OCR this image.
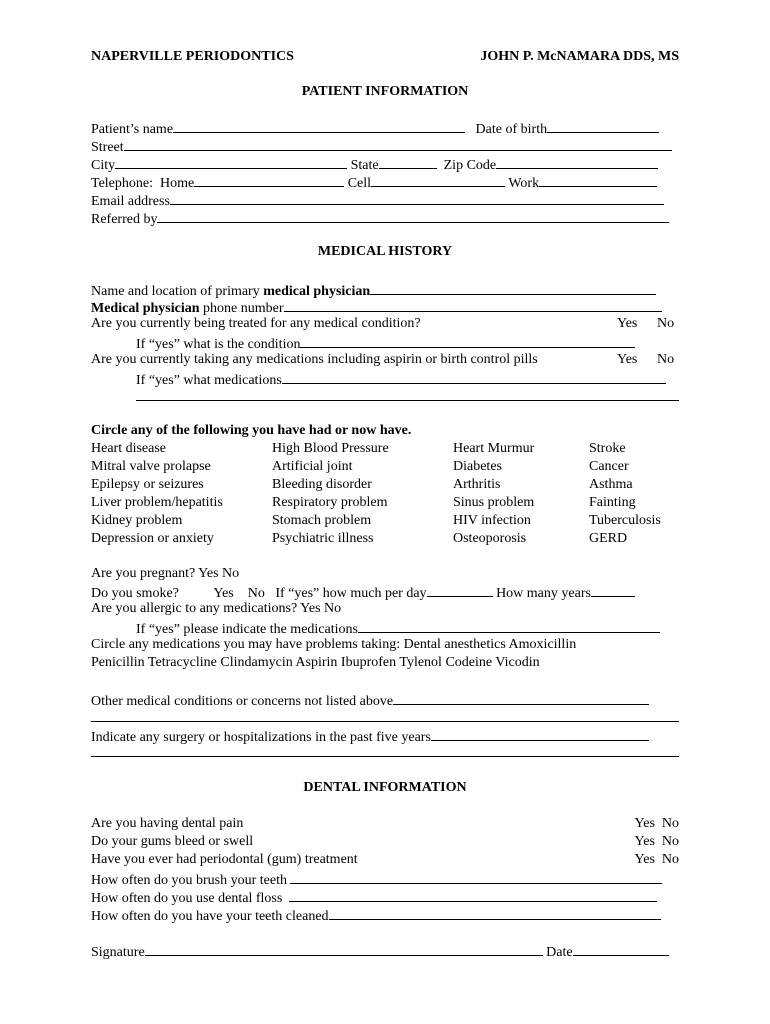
NAPERVILLE PERIODONTICS	JOHN P. McNAMARA DDS, MS
PATIENT INFORMATION
Patient’s name	Date of birth
Street
City	State	Zip Code
Telephone:  Home	Cell	Work
Email address
Referred by
MEDICAL HISTORY
Name and location of primary medical physician
Medical physician phone number
Are you currently being treated for any medical condition?	Yes No
If “yes” what is the condition
Are you currently taking any medications including aspirin or birth control pills	Yes No
If “yes” what medications
Circle any of the following you have had or now have.
Heart disease	High Blood Pressure	Heart Murmur	Stroke
Mitral valve prolapse	Artificial joint	Diabetes	Cancer
Epilepsy or seizures	Bleeding disorder	Arthritis	Asthma
Liver problem/hepatitis	Respiratory problem	Sinus problem	Fainting
Kidney problem	Stomach problem	HIV infection	Tuberculosis
Depression or anxiety	Psychiatric illness	Osteoporosis	GERD
Are you pregnant? Yes No
Do you smoke?          Yes    No   If “yes” how much per day	How many years
Are you allergic to any medications? Yes No
If “yes” please indicate the medications
Circle any medications you may have problems taking: Dental anesthetics Amoxicillin
Penicillin Tetracycline Clindamycin Aspirin Ibuprofen Tylenol Codeine Vicodin
Other medical conditions or concerns not listed above
Indicate any surgery or hospitalizations in the past five years
DENTAL INFORMATION
Are you having dental pain	Yes  No
Do your gums bleed or swell	Yes  No
Have you ever had periodontal (gum) treatment	Yes  No
How often do you brush your teeth
How often do you use dental floss
How often do you have your teeth cleaned
Signature	Date
